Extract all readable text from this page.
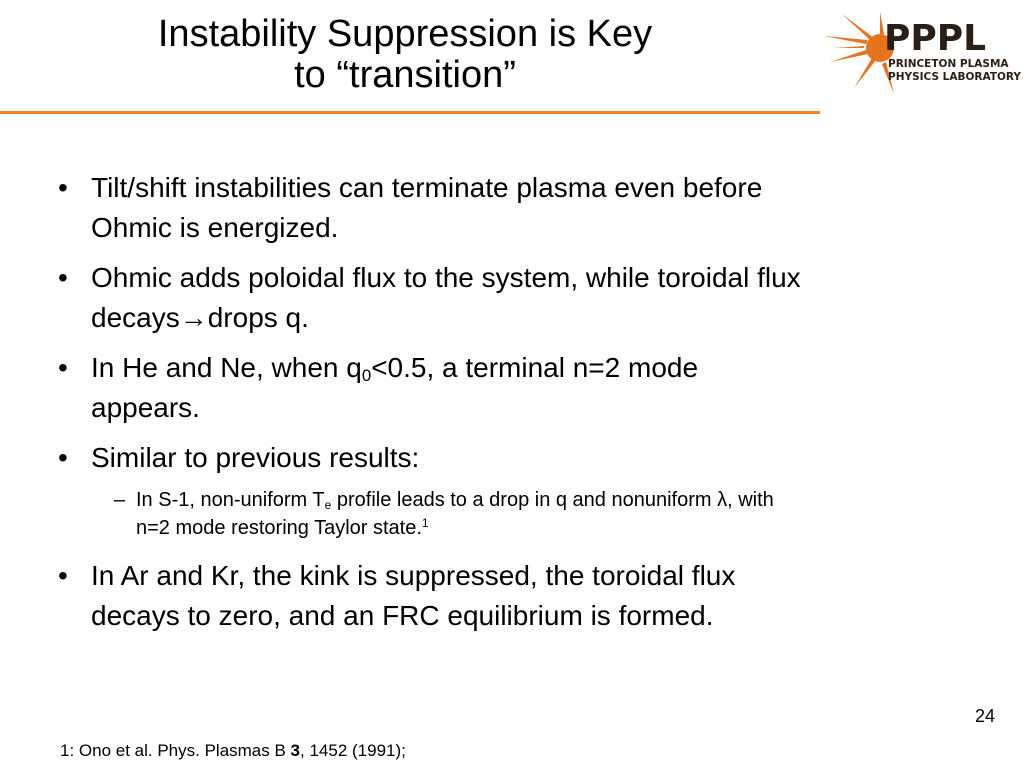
Instability Suppression is Key
to “transition”
PPPL
PRINCETON PLASMA
PHYSICS LABORATORY
• Tilt/shift instabilities can terminate plasma even before
Ohmic is energized.
• Ohmic adds poloidal flux to the system, while toroidal flux
decays→drops q.
• In He and Ne, when $q_0<0.5$, a terminal n=2 mode
appears.
• Similar to previous results:
– In S-1, non-uniform $T_e$ profile leads to a drop in q and nonuniform λ, with
n=2 mode restoring Taylor state.$^1$
• In Ar and Kr, the kink is suppressed, the toroidal flux
decays to zero, and an FRC equilibrium is formed.
24
1: Ono et al. Phys. Plasmas B 3, 1452 (1991);
